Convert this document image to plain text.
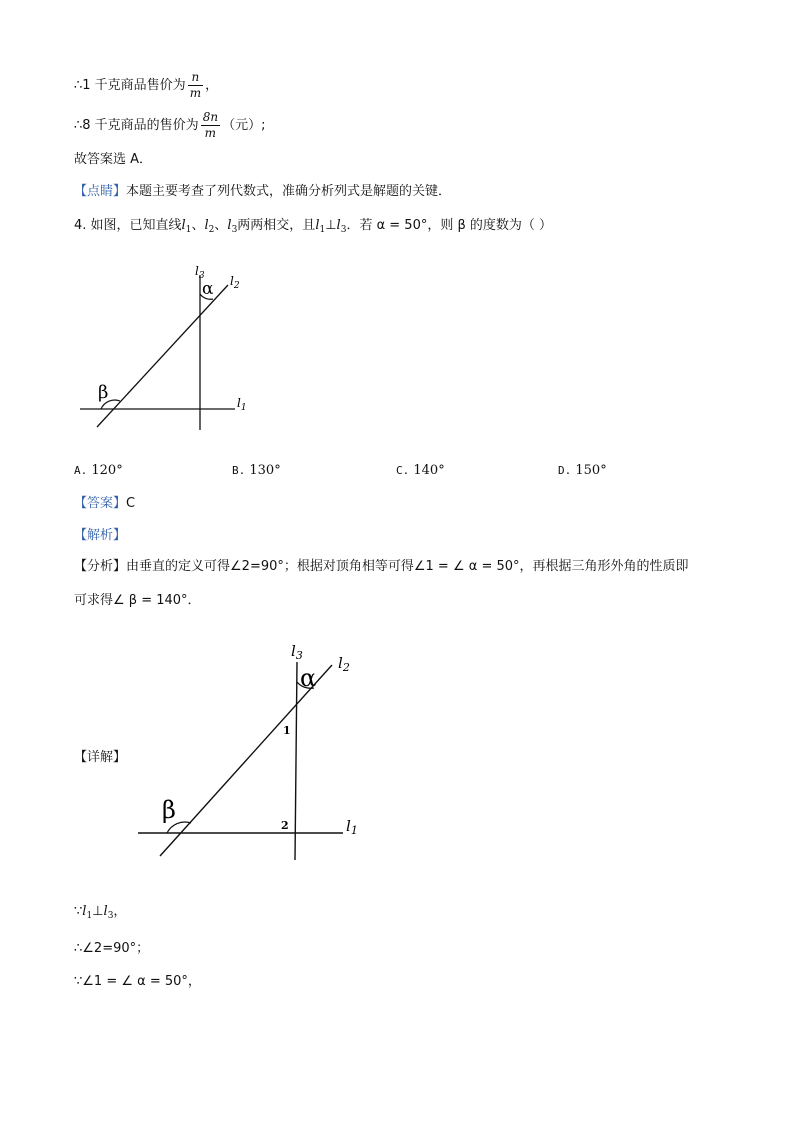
∴1 千克商品售价为 $\frac{n}{m}$ ，
∴8 千克商品的售价为 $\frac{8n}{m}$ （元）;
故答案选 A．
【点睛】本题主要考查了列代数式，准确分析列式是解题的关键．
4. 如图，已知直线$l_1$、$l_2$、$l_3$两两相交，且$l_1\perp l_3$．若 α = 50°，则 β 的度数为（ ）
α
β
$l_3$ $l_2$
$l_1$
A. 120°	B. 130°	C. 140°	D. 150°
【答案】C
【解析】
【分析】由垂直的定义可得∠2=90°；根据对顶角相等可得∠1 = ∠ α = 50°，再根据三角形外角的性质即
可求得∠ β = 140°．
【详解】
α
β
1
2
$l_3$ $l_2$
$l_1$
$\because l_1\perp l_3$，
∴∠2=90°；
∵∠1 = ∠ α = 50°，
